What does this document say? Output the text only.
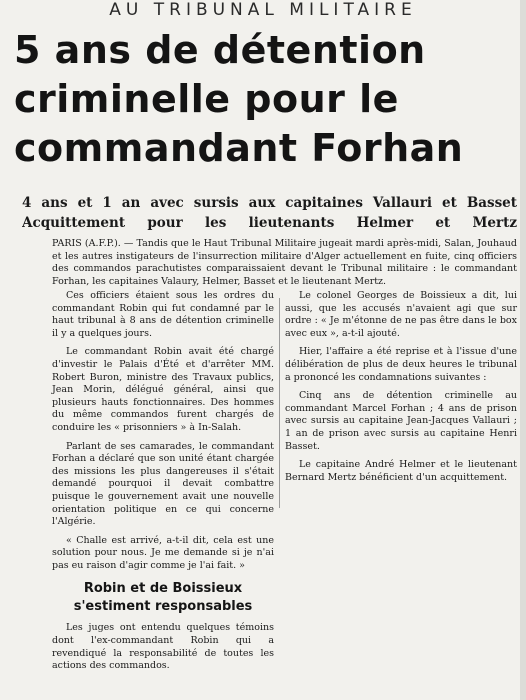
AU TRIBUNAL MILITAIRE
5 ans de détention
criminelle pour le
commandant Forhan
4 ans et 1 an avec sursis aux capitaines Vallauri et Basset
Acquittement pour les lieutenants Helmer et Mertz

PARIS (A.F.P.). — Tandis que le Haut Tribunal Militaire jugeait mardi après-midi, Salan, Jouhaud et les autres instigateurs de l'insurrection militaire d'Alger actuellement en fuite, cinq officiers des commandos parachutistes comparaissaient devant le Tribunal militaire : le commandant Forhan, les capitaines Valaury, Helmer, Basset et le lieutenant Mertz.

Ces officiers étaient sous les ordres du commandant Robin qui fut condamné par le haut tribunal à 8 ans de détention criminelle il y a quelques jours.

Le commandant Robin avait été chargé d'investir le Palais d'Été et d'arrêter MM. Robert Buron, ministre des Travaux publics, Jean Morin, délégué général, ainsi que plusieurs hauts fonctionnaires. Des hommes du même commandos furent chargés de conduire les « prisonniers » à In-Salah.

Parlant de ses camarades, le commandant Forhan a déclaré que son unité étant chargée des missions les plus dangereuses il s'était demandé pourquoi il devait combattre puisque le gouvernement avait une nouvelle orientation politique en ce qui concerne l'Algérie.

« Challe est arrivé, a-t-il dit, cela est une solution pour nous. Je me demande si je n'ai pas eu raison d'agir comme je l'ai fait. »

Robin et de Boissieux
s'estiment responsables

Les juges ont entendu quelques témoins dont l'ex-commandant Robin qui a revendiqué la responsabilité de toutes les actions des commandos.

Le colonel Georges de Boissieux a dit, lui aussi, que les accusés n'avaient agi que sur ordre : « Je m'étonne de ne pas être dans le box avec eux », a-t-il ajouté.

Hier, l'affaire a été reprise et à l'issue d'une délibération de plus de deux heures le tribunal a prononcé les condamnations suivantes :

Cinq ans de détention criminelle au commandant Marcel Forhan ; 4 ans de prison avec sursis au capitaine Jean-Jacques Vallauri ; 1 an de prison avec sursis au capitaine Henri Basset.

Le capitaine André Helmer et le lieutenant Bernard Mertz bénéficient d'un acquittement.
